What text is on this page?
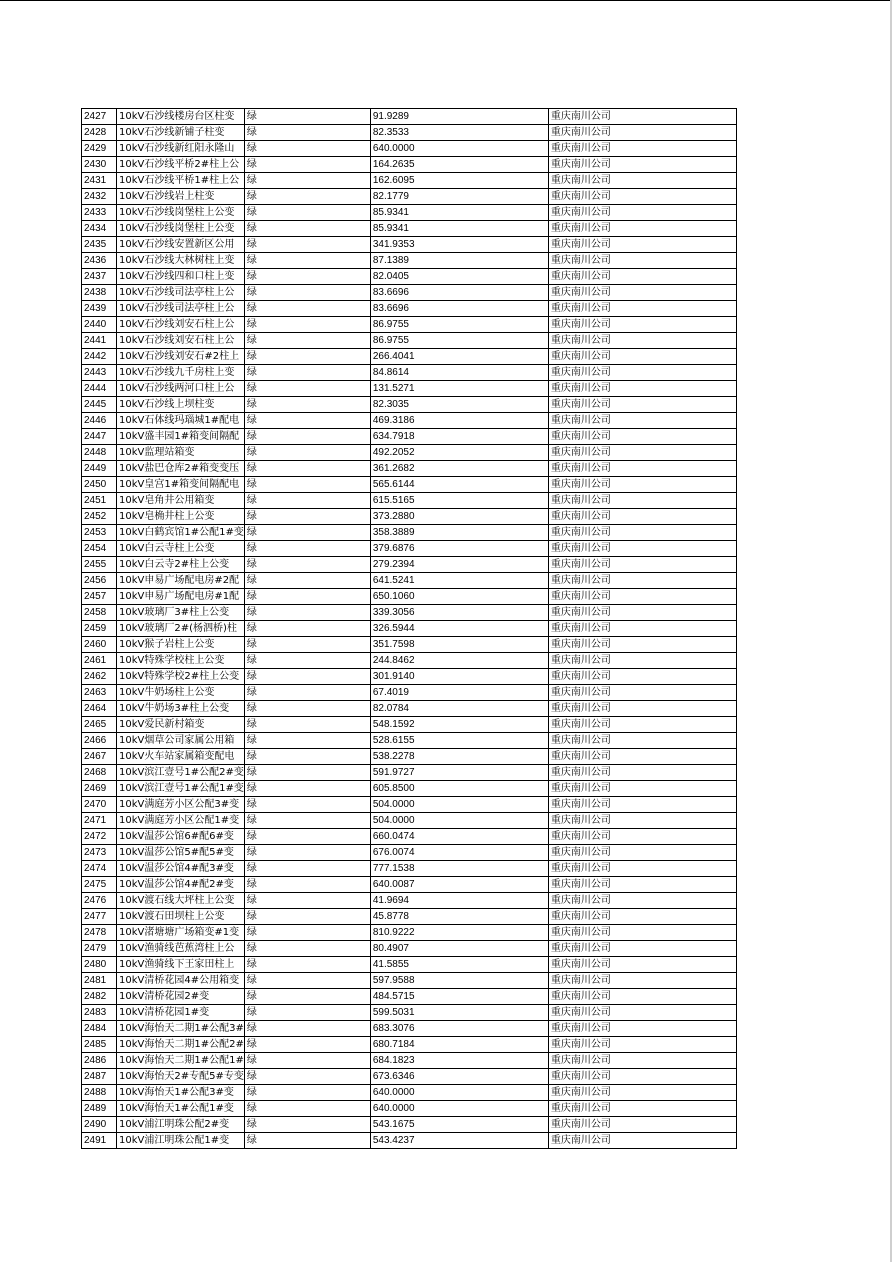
2427	10kV石沙线楼房台区柱变	绿	91.9289	重庆南川公司
2428	10kV石沙线新铺子柱变	绿	82.3533	重庆南川公司
2429	10kV石沙线新红阳永隆山	绿	640.0000	重庆南川公司
2430	10kV石沙线平桥2#柱上公	绿	164.2635	重庆南川公司
2431	10kV石沙线平桥1#柱上公	绿	162.6095	重庆南川公司
2432	10kV石沙线岩上柱变	绿	82.1779	重庆南川公司
2433	10kV石沙线岗堡柱上公变	绿	85.9341	重庆南川公司
2434	10kV石沙线岗堡柱上公变	绿	85.9341	重庆南川公司
2435	10kV石沙线安置新区公用	绿	341.9353	重庆南川公司
2436	10kV石沙线大林树柱上变	绿	87.1389	重庆南川公司
2437	10kV石沙线四和口柱上变	绿	82.0405	重庆南川公司
2438	10kV石沙线司法亭柱上公	绿	83.6696	重庆南川公司
2439	10kV石沙线司法亭柱上公	绿	83.6696	重庆南川公司
2440	10kV石沙线刘安石柱上公	绿	86.9755	重庆南川公司
2441	10kV石沙线刘安石柱上公	绿	86.9755	重庆南川公司
2442	10kV石沙线刘安石#2柱上	绿	266.4041	重庆南川公司
2443	10kV石沙线九千房柱上变	绿	84.8614	重庆南川公司
2444	10kV石沙线两河口柱上公	绿	131.5271	重庆南川公司
2445	10kV石沙线上坝柱变	绿	82.3035	重庆南川公司
2446	10kV石体线玛瑙城1#配电	绿	469.3186	重庆南川公司
2447	10kV盛丰园1#箱变间隔配	绿	634.7918	重庆南川公司
2448	10kV监理站箱变	绿	492.2052	重庆南川公司
2449	10kV盐巴仓库2#箱变变压	绿	361.2682	重庆南川公司
2450	10kV皇宫1#箱变间隔配电	绿	565.6144	重庆南川公司
2451	10kV皂角井公用箱变	绿	615.5165	重庆南川公司
2452	10kV皂桷井柱上公变	绿	373.2880	重庆南川公司
2453	10kV白鹤宾馆1#公配1#变	绿	358.3889	重庆南川公司
2454	10kV白云寺柱上公变	绿	379.6876	重庆南川公司
2455	10kV白云寺2#柱上公变	绿	279.2394	重庆南川公司
2456	10kV申易广场配电房#2配	绿	641.5241	重庆南川公司
2457	10kV申易广场配电房#1配	绿	650.1060	重庆南川公司
2458	10kV玻璃厂3#柱上公变	绿	339.3056	重庆南川公司
2459	10kV玻璃厂2#(杨泗桥)柱	绿	326.5944	重庆南川公司
2460	10kV猴子岩柱上公变	绿	351.7598	重庆南川公司
2461	10kV特殊学校柱上公变	绿	244.8462	重庆南川公司
2462	10kV特殊学校2#柱上公变	绿	301.9140	重庆南川公司
2463	10kV牛奶场柱上公变	绿	67.4019	重庆南川公司
2464	10kV牛奶场3#柱上公变	绿	82.0784	重庆南川公司
2465	10kV爱民新村箱变	绿	548.1592	重庆南川公司
2466	10kV烟草公司家属公用箱	绿	528.6155	重庆南川公司
2467	10kV火车站家属箱变配电	绿	538.2278	重庆南川公司
2468	10kV滨江壹号1#公配2#变	绿	591.9727	重庆南川公司
2469	10kV滨江壹号1#公配1#变	绿	605.8500	重庆南川公司
2470	10kV满庭芳小区公配3#变	绿	504.0000	重庆南川公司
2471	10kV满庭芳小区公配1#变	绿	504.0000	重庆南川公司
2472	10kV温莎公馆6#配6#变	绿	660.0474	重庆南川公司
2473	10kV温莎公馆5#配5#变	绿	676.0074	重庆南川公司
2474	10kV温莎公馆4#配3#变	绿	777.1538	重庆南川公司
2475	10kV温莎公馆4#配2#变	绿	640.0087	重庆南川公司
2476	10kV渡石线大坪柱上公变	绿	41.9694	重庆南川公司
2477	10kV渡石田坝柱上公变	绿	45.8778	重庆南川公司
2478	10kV渚塘塘广场箱变#1变	绿	810.9222	重庆南川公司
2479	10kV渔骑线芭蕉湾柱上公	绿	80.4907	重庆南川公司
2480	10kV渔骑线下王家田柱上	绿	41.5855	重庆南川公司
2481	10kV清桥花园4#公用箱变	绿	597.9588	重庆南川公司
2482	10kV清桥花园2#变	绿	484.5715	重庆南川公司
2483	10kV清桥花园1#变	绿	599.5031	重庆南川公司
2484	10kV海怡天二期1#公配3#	绿	683.3076	重庆南川公司
2485	10kV海怡天二期1#公配2#	绿	680.7184	重庆南川公司
2486	10kV海怡天二期1#公配1#	绿	684.1823	重庆南川公司
2487	10kV海怡天2#专配5#专变	绿	673.6346	重庆南川公司
2488	10kV海怡天1#公配3#变	绿	640.0000	重庆南川公司
2489	10kV海怡天1#公配1#变	绿	640.0000	重庆南川公司
2490	10kV浦江明珠公配2#变	绿	543.1675	重庆南川公司
2491	10kV浦江明珠公配1#变	绿	543.4237	重庆南川公司
